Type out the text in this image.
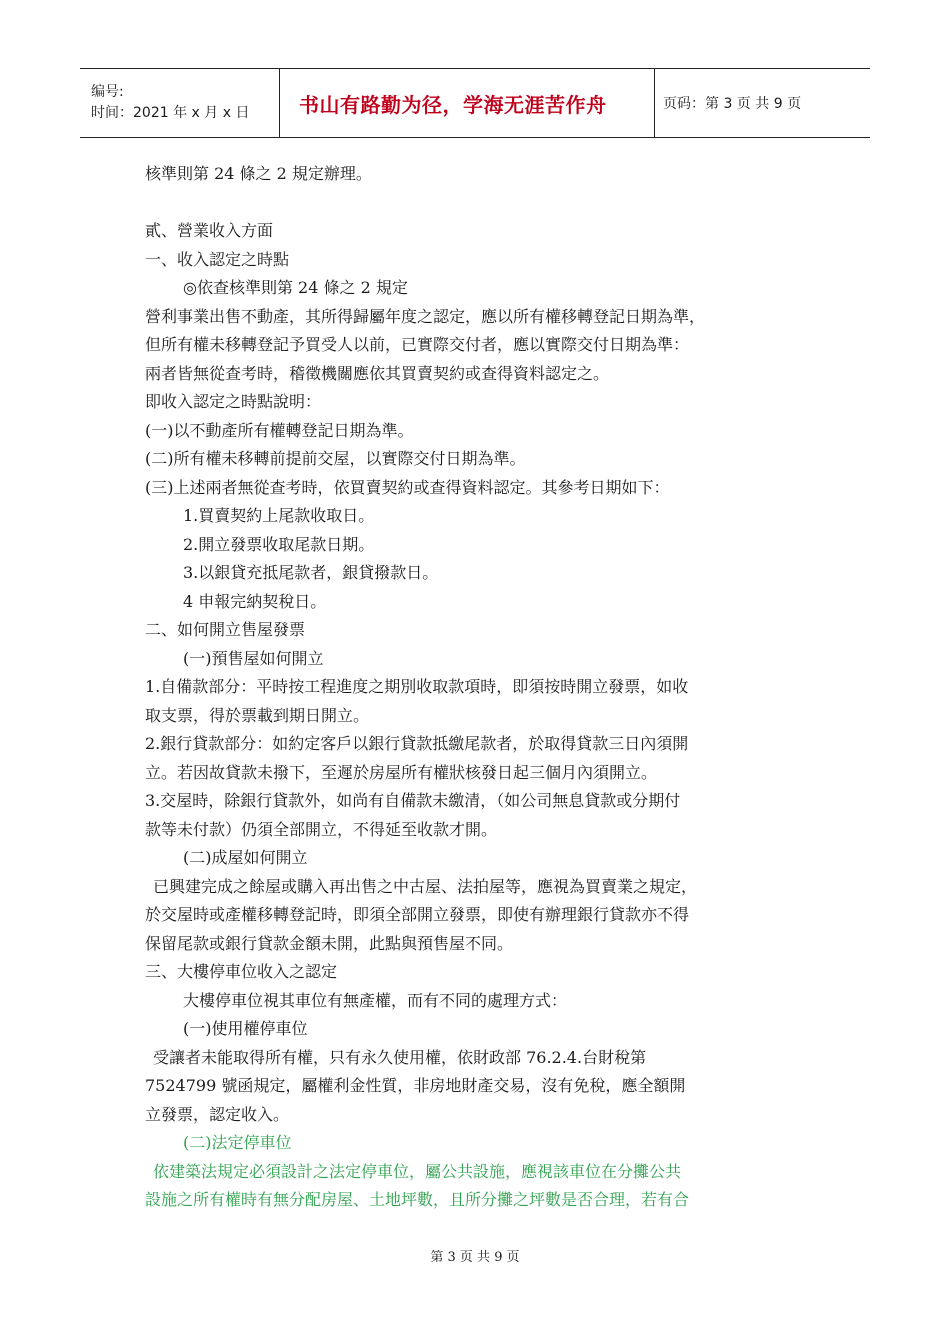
编号:
时间：2021 年 x 月 x 日	书山有路勤为径，学海无涯苦作舟	页码：第 3 页 共 9 页
核準則第 24 條之 2 規定辦理。
貳、營業收入方面
一、收入認定之時點
◎依查核準則第 24 條之 2 規定
營利事業出售不動產，其所得歸屬年度之認定，應以所有權移轉登記日期為準，
但所有權未移轉登記予買受人以前，已實際交付者，應以實際交付日期為準：
兩者皆無從查考時，稽徵機關應依其買賣契約或查得資料認定之。
即收入認定之時點說明：
(一)以不動產所有權轉登記日期為準。
(二)所有權未移轉前提前交屋，以實際交付日期為準。
(三)上述兩者無從查考時，依買賣契約或查得資料認定。其參考日期如下：
1.買賣契約上尾款收取日。
2.開立發票收取尾款日期。
3.以銀貸充抵尾款者，銀貸撥款日。
4 申報完納契稅日。
二、如何開立售屋發票
(一)預售屋如何開立
1.自備款部分：平時按工程進度之期別收取款項時，即須按時開立發票，如收
取支票，得於票載到期日開立。
2.銀行貸款部分：如約定客戶以銀行貸款抵繳尾款者，於取得貸款三日內須開
立。若因故貸款未撥下，至遲於房屋所有權狀核發日起三個月內須開立。
3.交屋時，除銀行貸款外，如尚有自備款未繳清，（如公司無息貸款或分期付
款等未付款）仍須全部開立，不得延至收款才開。
(二)成屋如何開立
已興建完成之餘屋或購入再出售之中古屋、法拍屋等，應視為買賣業之規定，
於交屋時或產權移轉登記時，即須全部開立發票，即使有辦理銀行貸款亦不得
保留尾款或銀行貸款金額未開，此點與預售屋不同。
三、大樓停車位收入之認定
大樓停車位視其車位有無產權，而有不同的處理方式：
(一)使用權停車位
受讓者未能取得所有權，只有永久使用權，依財政部 76.2.4.台財稅第
7524799 號函規定，屬權利金性質，非房地財產交易，沒有免稅，應全額開
立發票，認定收入。
(二)法定停車位
依建築法規定必須設計之法定停車位，屬公共設施，應視該車位在分攤公共
設施之所有權時有無分配房屋、土地坪數，且所分攤之坪數是否合理，若有合
第 3 页 共 9 页
